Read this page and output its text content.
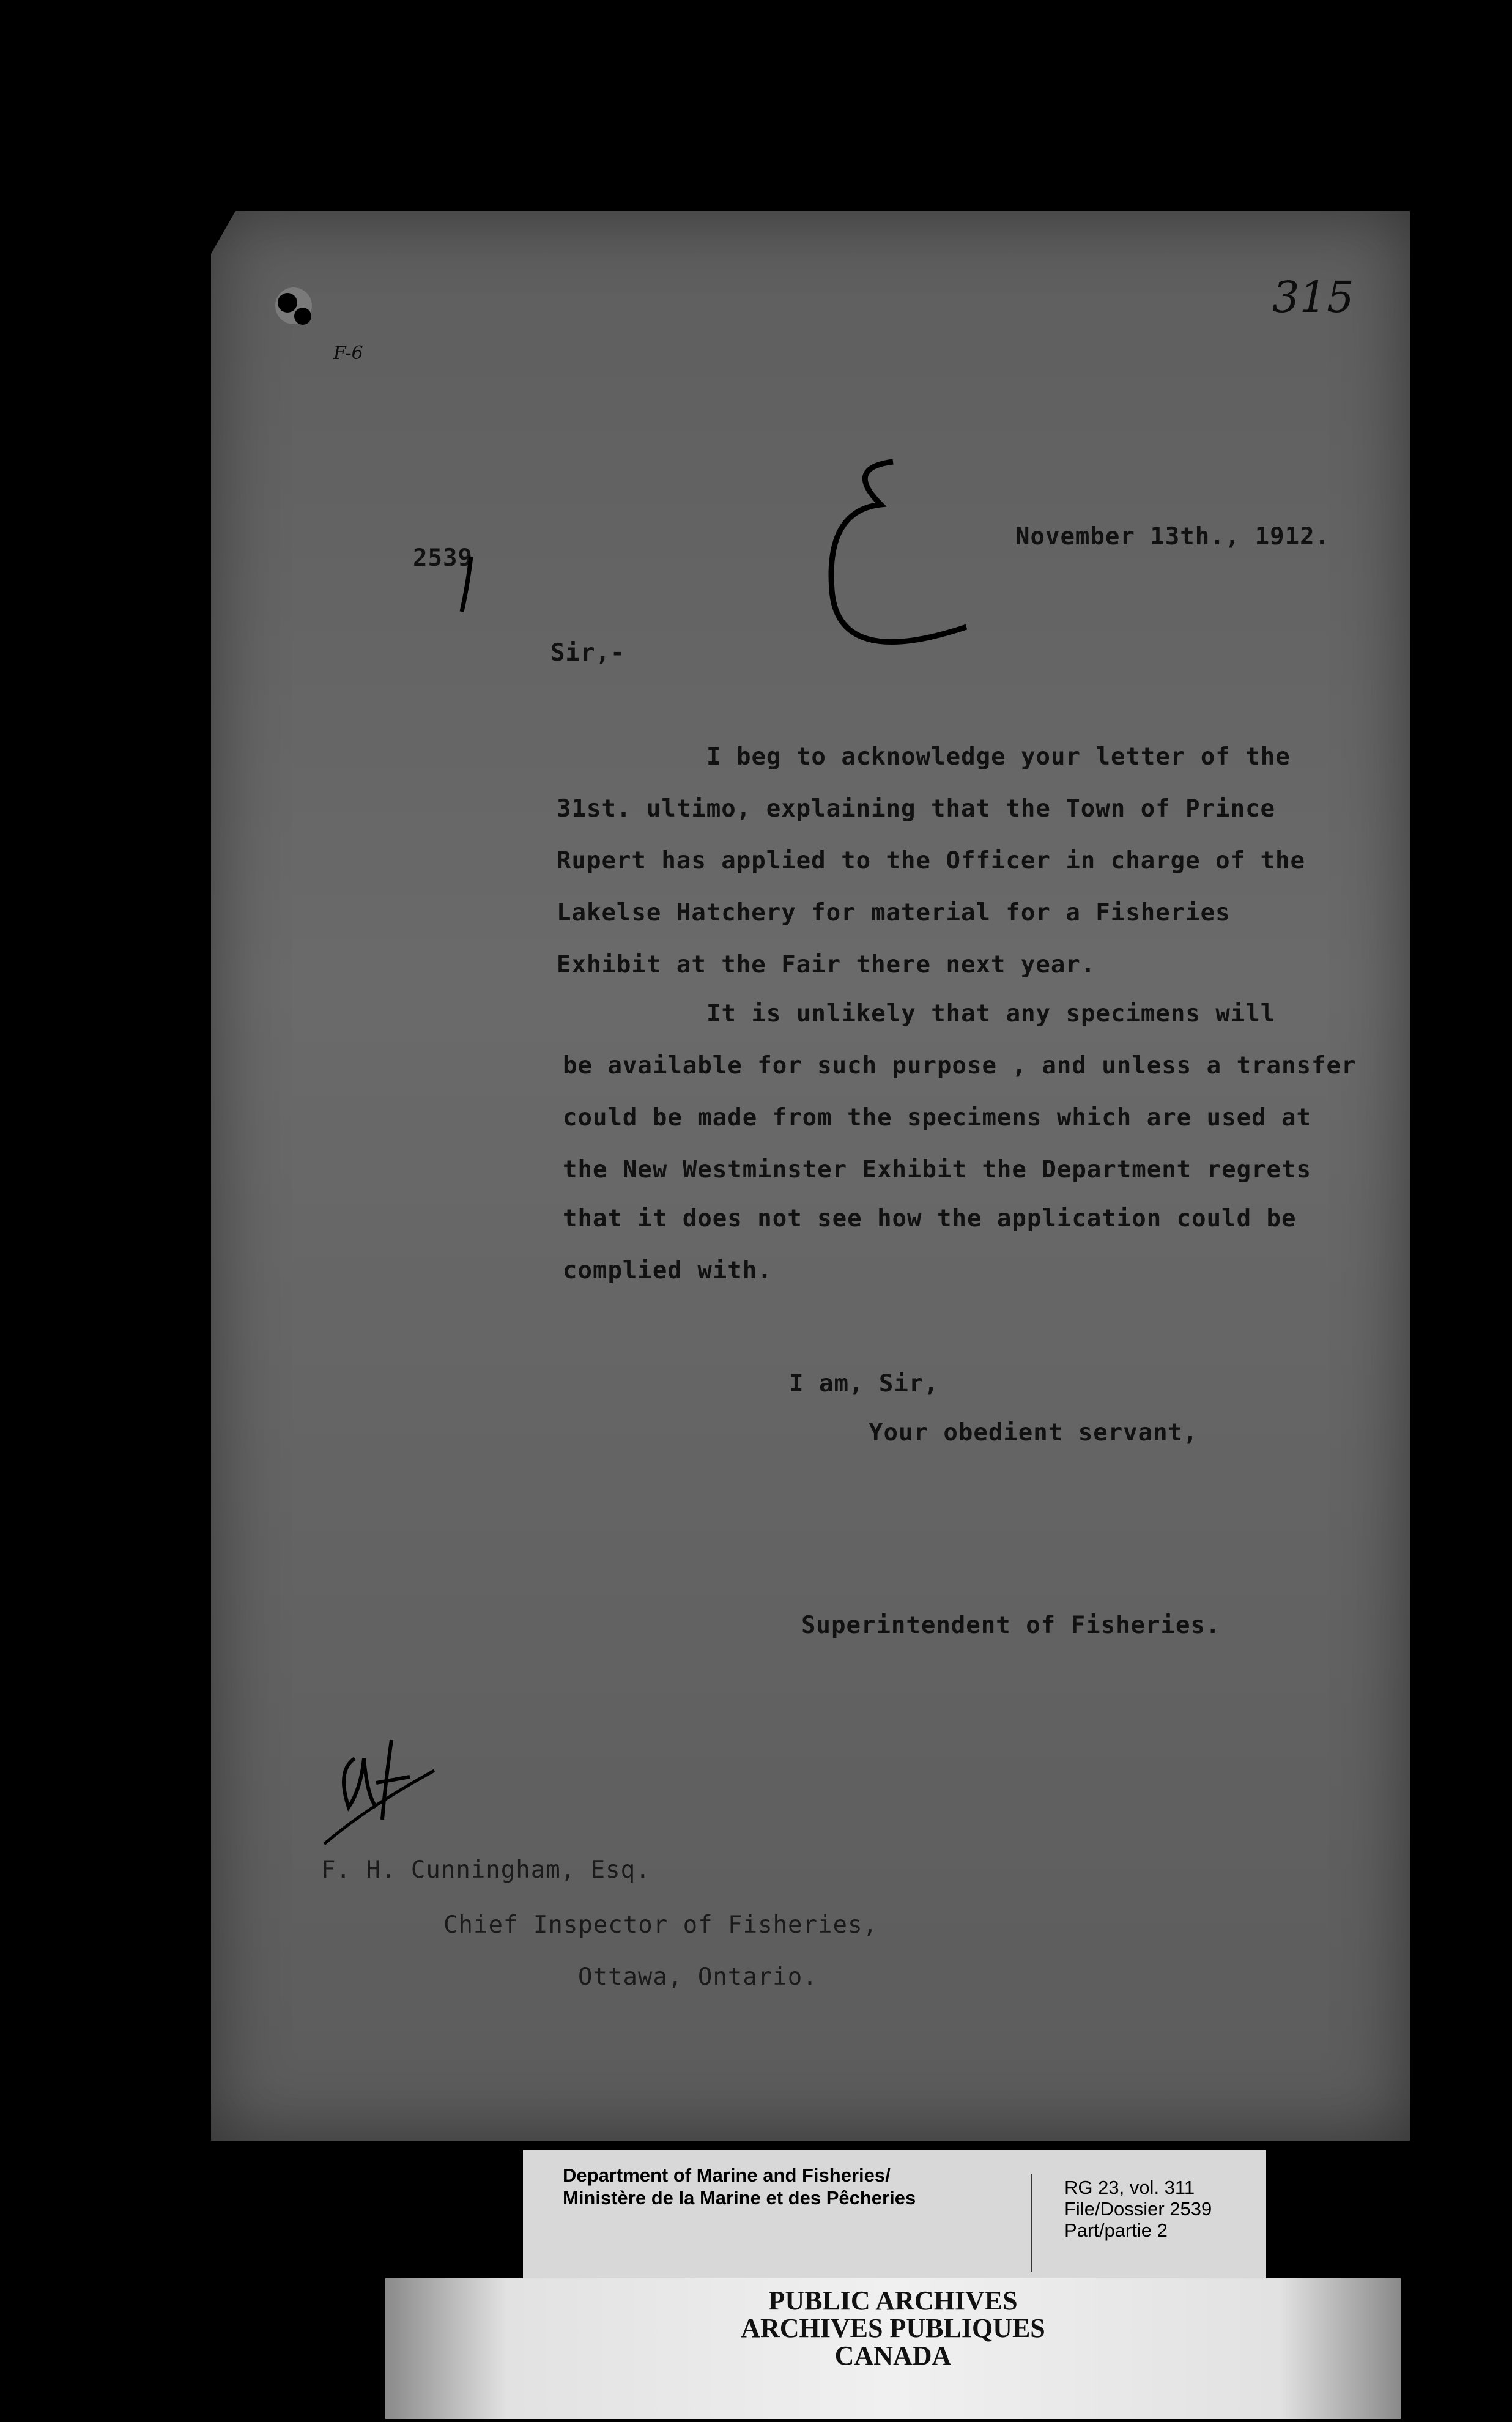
F-6
315
2539
November 13th., 1912.
Sir,-
I beg to acknowledge your letter of the
31st. ultimo, explaining that the Town of Prince
Rupert has applied to the Officer in charge of the
Lakelse Hatchery for material for a Fisheries
Exhibit at the Fair there next year.
It is unlikely that any specimens will
be available for such purpose , and unless a transfer
could be made from the specimens which are used at
the New Westminster Exhibit the Department regrets
that it does not see how the application could be
complied with.
I am, Sir,
Your obedient servant,
Superintendent of Fisheries.
F. H. Cunningham, Esq.
Chief Inspector of Fisheries,
Ottawa, Ontario.
Department of Marine and Fisheries/
Ministère de la Marine et des Pêcheries	RG 23, vol. 311
File/Dossier 2539
Part/partie 2
PUBLIC ARCHIVES
ARCHIVES PUBLIQUES
CANADA
